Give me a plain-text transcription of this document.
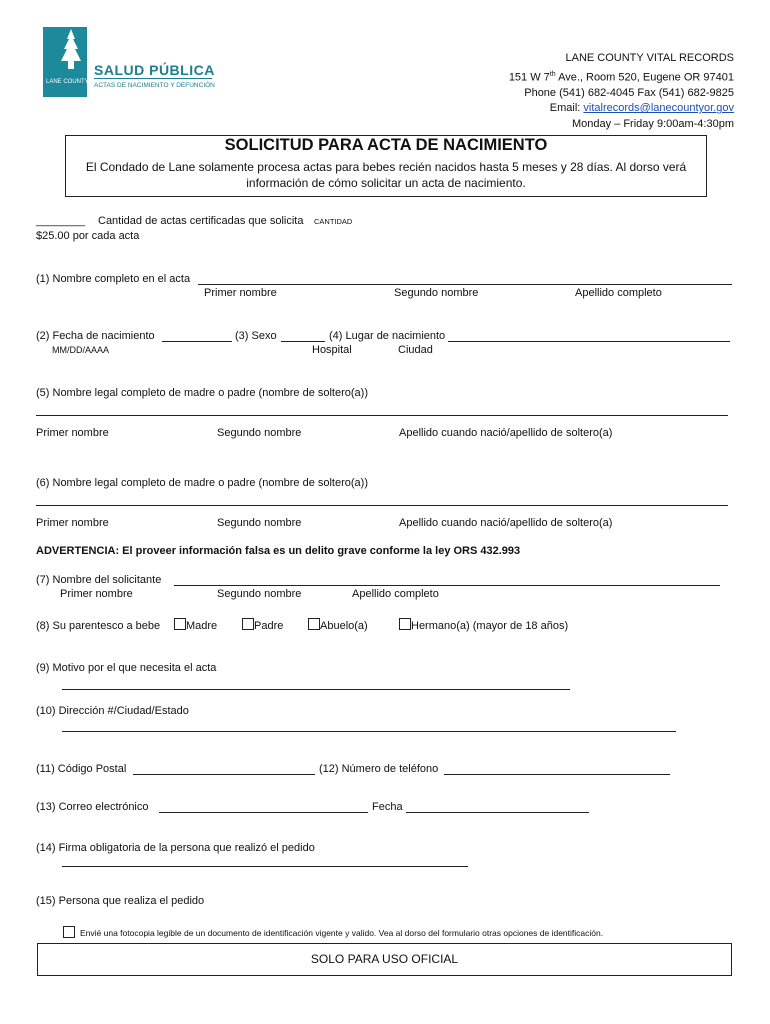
LANE COUNTY
SALUD PÚBLICA
ACTAS DE NACIMIENTO Y DEFUNCIÓN
LANE COUNTY VITAL RECORDS
151 W 7th Ave., Room 520, Eugene OR 97401
Phone (541) 682-4045 Fax (541) 682-9825
Email: vitalrecords@lanecountyor.gov
Monday – Friday 9:00am-4:30pm
SOLICITUD PARA ACTA DE NACIMIENTO
El Condado de Lane solamente procesa actas para bebes recién nacidos hasta 5 meses y 28 días. Al dorso verá
información de cómo solicitar un acta de nacimiento.
________ Cantidad de actas certificadas que solicita CANTIDAD
$25.00 por cada acta
(1) Nombre completo en el acta
Primer nombre	Segundo nombre	Apellido completo
(2) Fecha de nacimiento	(3) Sexo	(4) Lugar de nacimiento
MM/DD/AAAA	Hospital	Ciudad
(5) Nombre legal completo de madre o padre (nombre de soltero(a))
Primer nombre	Segundo nombre	Apellido cuando nació/apellido de soltero(a)
(6) Nombre legal completo de madre o padre (nombre de soltero(a))
Primer nombre	Segundo nombre	Apellido cuando nació/apellido de soltero(a)
ADVERTENCIA: El proveer información falsa es un delito grave conforme la ley ORS 432.993
(7) Nombre del solicitante
Primer nombre	Segundo nombre	Apellido completo
(8) Su parentesco a bebe Madre	Padre	Abuelo(a)	Hermano(a) (mayor de 18 años)
(9) Motivo por el que necesita el acta
(10) Dirección #/Ciudad/Estado
(11) Código Postal	(12) Número de teléfono
(13) Correo electrónico	Fecha
(14) Firma obligatoria de la persona que realizó el pedido
(15) Persona que realiza el pedido
Envié una fotocopia legible de un documento de identificación vigente y valido. Vea al dorso del formulario otras opciones de identificación.
SOLO PARA USO OFICIAL
